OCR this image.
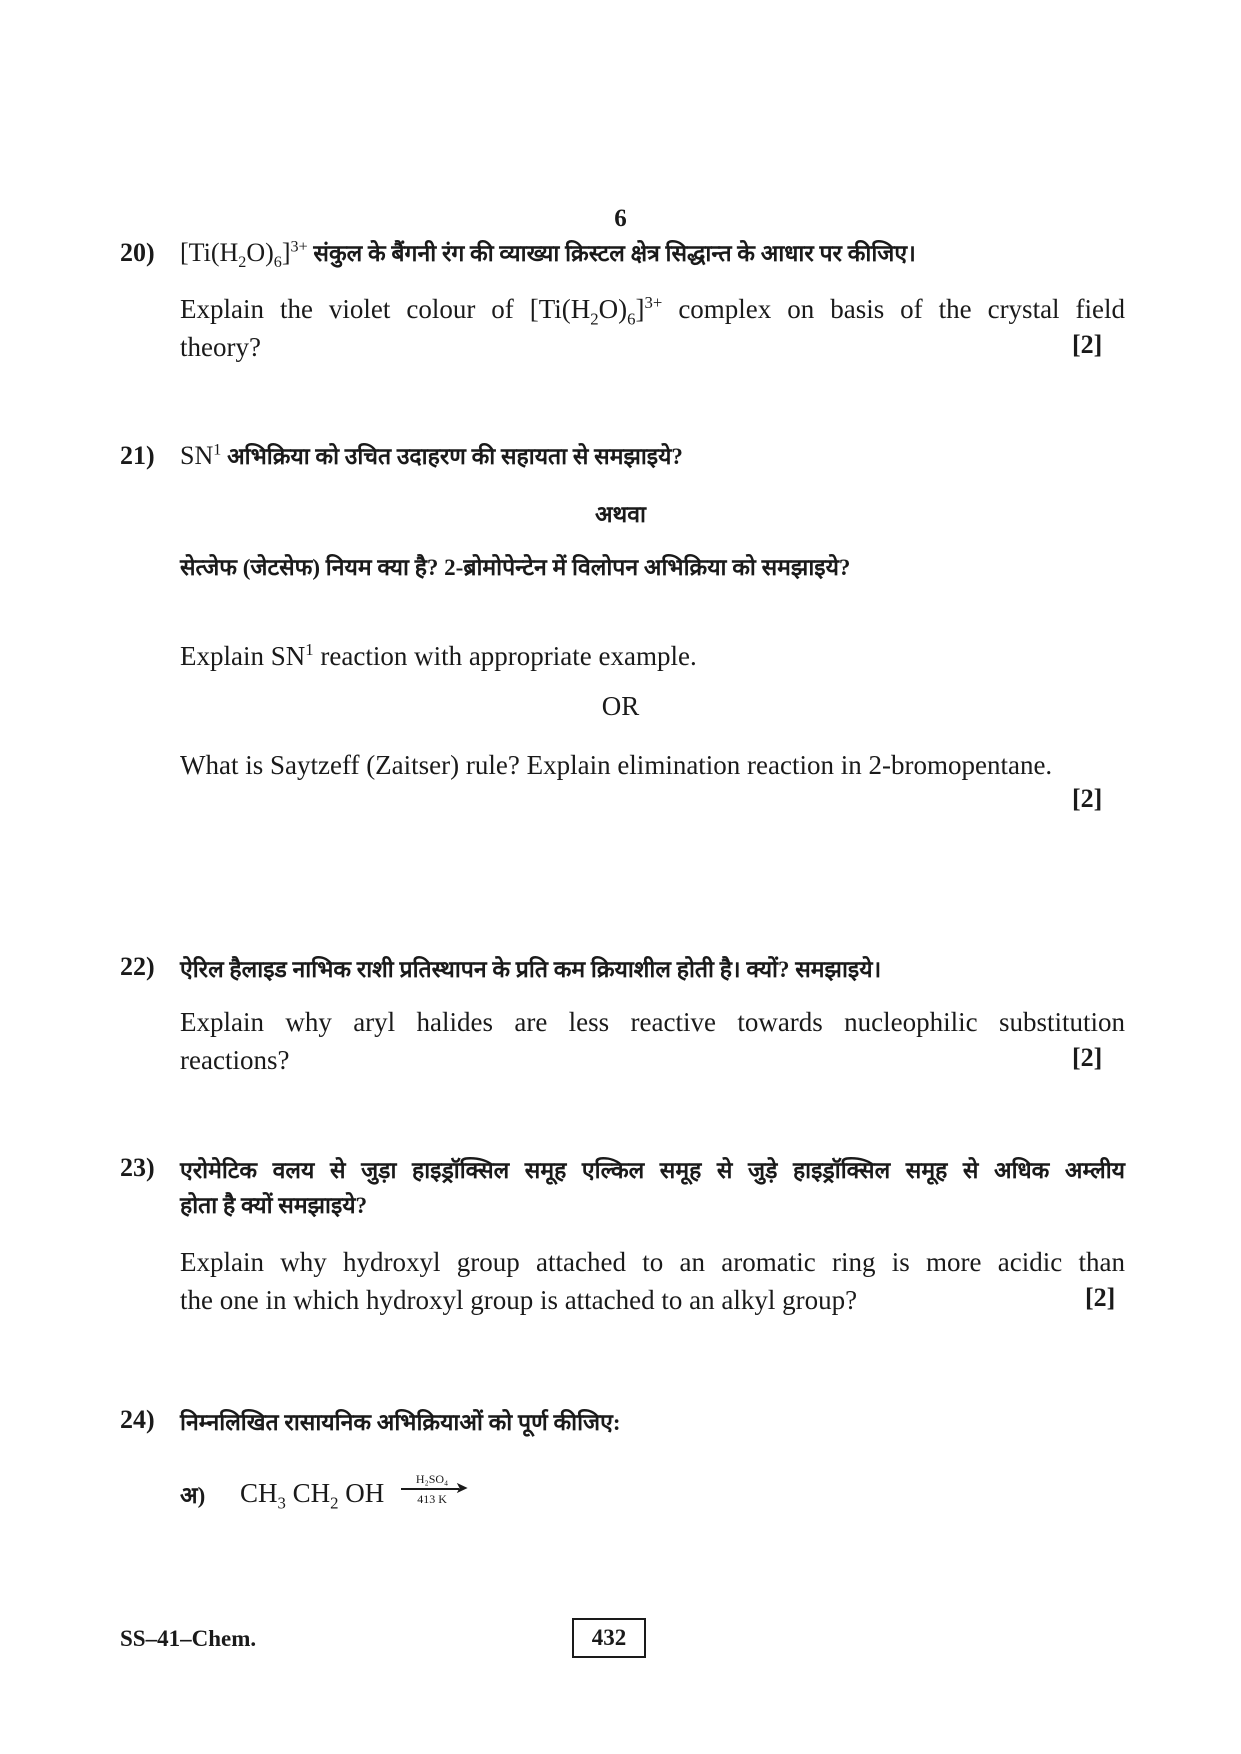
6
20) $[Ti(H_2O)_6]^{3+}$ संकुल के बैंगनी रंग की व्याख्या क्रिस्टल क्षेत्र सिद्धान्त के आधार पर कीजिए।
Explain the violet colour of $[Ti(H_2O)_6]^{3+}$ complex on basis of the crystal field
theory?	[2]
21) $SN^1$ अभिक्रिया को उचित उदाहरण की सहायता से समझाइये?
अथवा
सेत्जेफ (जेटसेफ) नियम क्या है? 2-ब्रोमोपेन्टेन में विलोपन अभिक्रिया को समझाइये?
Explain $SN^1$ reaction with appropriate example.
OR
What is Saytzeff (Zaitser) rule? Explain elimination reaction in 2-bromopentane.
[2]
22) ऐरिल हैलाइड नाभिक राशी प्रतिस्थापन के प्रति कम क्रियाशील होती है। क्यों? समझाइये।
Explain why aryl halides are less reactive towards nucleophilic substitution
reactions?	[2]
23) एरोमेटिक वलय से जुड़ा हाइड्रॉक्सिल समूह एल्किल समूह से जुड़े हाइड्रॉक्सिल समूह से अधिक अम्लीय
होता है क्यों समझाइये?
Explain why hydroxyl group attached to an aromatic ring is more acidic than
the one in which hydroxyl group is attached to an alkyl group?	[2]
24) निम्नलिखित रासायनिक अभिक्रियाओं को पूर्ण कीजिए:
अ) $CH_3$ $CH_2$ OH	H₂SO₄
➤
413 K
SS–41–Chem.	432
